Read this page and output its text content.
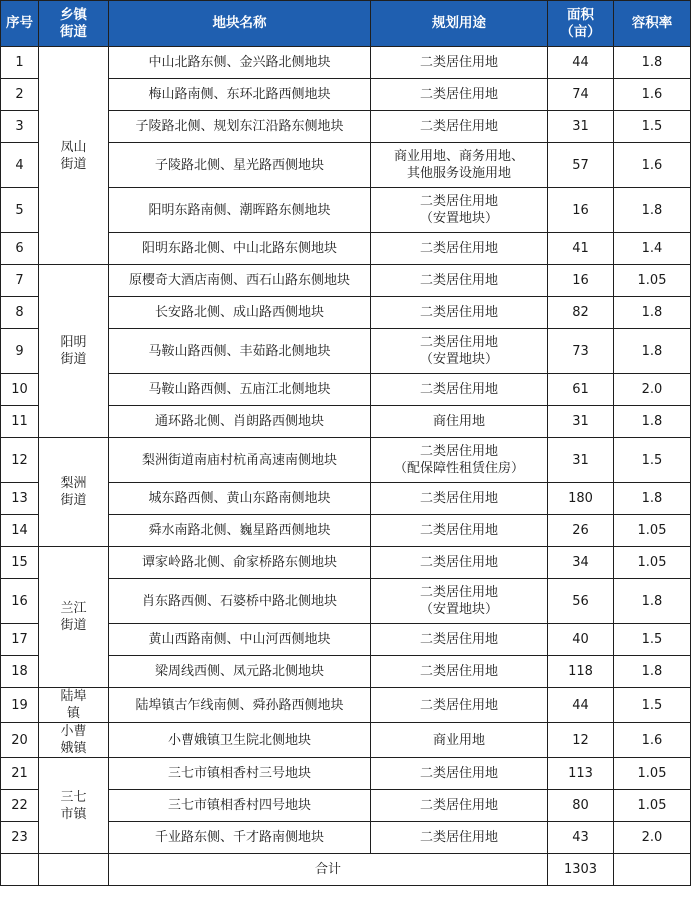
序号	乡镇街道	地块名称	规划用途	面积（亩）	容积率
1	凤山街道	中山北路东侧、金兴路北侧地块	二类居住用地	44	1.8
2		梅山路南侧、东环北路西侧地块	二类居住用地	74	1.6
3		子陵路北侧、规划东江沿路东侧地块	二类居住用地	31	1.5
4		子陵路北侧、星光路西侧地块	商业用地、商务用地、
其他服务设施用地	57	1.6
5		阳明东路南侧、潮晖路东侧地块	二类居住用地
（安置地块）	16	1.8
6		阳明东路北侧、中山北路东侧地块	二类居住用地	41	1.4
7	阳明街道	原樱奇大酒店南侧、西石山路东侧地块	二类居住用地	16	1.05
8		长安路北侧、成山路西侧地块	二类居住用地	82	1.8
9		马鞍山路西侧、丰茹路北侧地块	二类居住用地
（安置地块）	73	1.8
10		马鞍山路西侧、五庙江北侧地块	二类居住用地	61	2.0
11		通环路北侧、肖朗路西侧地块	商住用地	31	1.8
12	梨洲街道	梨洲街道南庙村杭甬高速南侧地块	二类居住用地
（配保障性租赁住房）	31	1.5
13		城东路西侧、黄山东路南侧地块	二类居住用地	180	1.8
14		舜水南路北侧、巍星路西侧地块	二类居住用地	26	1.05
15	兰江街道	谭家岭路北侧、俞家桥路东侧地块	二类居住用地	34	1.05
16		肖东路西侧、石婆桥中路北侧地块	二类居住用地
（安置地块）	56	1.8
17		黄山西路南侧、中山河西侧地块	二类居住用地	40	1.5
18		梁周线西侧、凤元路北侧地块	二类居住用地	118	1.8
19	陆埠镇	陆埠镇古乍线南侧、舜孙路西侧地块	二类居住用地	44	1.5
20	小曹娥镇	小曹娥镇卫生院北侧地块	商业用地	12	1.6
21	三七市镇	三七市镇相香村三号地块	二类居住用地	113	1.05
22		三七市镇相香村四号地块	二类居住用地	80	1.05
23		千业路东侧、千才路南侧地块	二类居住用地	43	2.0
		合计		1303	
